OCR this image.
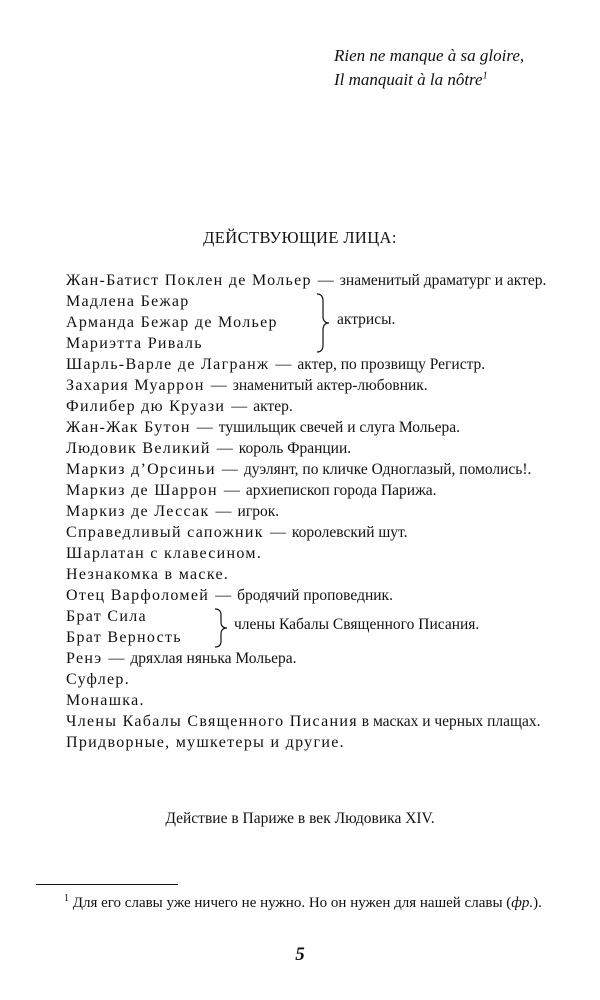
Rien ne manque à sa gloire,
Il manquait à la nôtre$^1$
ДЕЙСТВУЮЩИЕ ЛИЦА:
Жан-Батист Поклен де Мольер — знаменитый драматург и актер.
Мадлена Бежар
Арманда Бежар де Мольер
Мариэтта Риваль
актрисы.
Шарль-Варле де Лагранж — актер, по прозвищу Регистр.
Захария Муаррон — знаменитый актер-любовник.
Филибер дю Круази — актер.
Жан-Жак Бутон — тушильщик свечей и слуга Мольера.
Людовик Великий — король Франции.
Маркиз д’Орсиньи — дуэлянт, по кличке Одноглазый, помолись!.
Маркиз де Шаррон — архиепископ города Парижа.
Маркиз де Лессак — игрок.
Справедливый сапожник — королевский шут.
Шарлатан с клавесином.
Незнакомка в маске.
Отец Варфоломей — бродячий проповедник.
Брат Сила
Брат Верность
члены Кабалы Священного Писания.
Ренэ — дряхлая нянька Мольера.
Суфлер.
Монашка.
Члены Кабалы Священного Писания в масках и черных плащах.
Придворные, мушкетеры и другие.
Действие в Париже в век Людовика XIV.
$^1$ Для его славы уже ничего не нужно. Но он нужен для нашей славы (фр.).
5
